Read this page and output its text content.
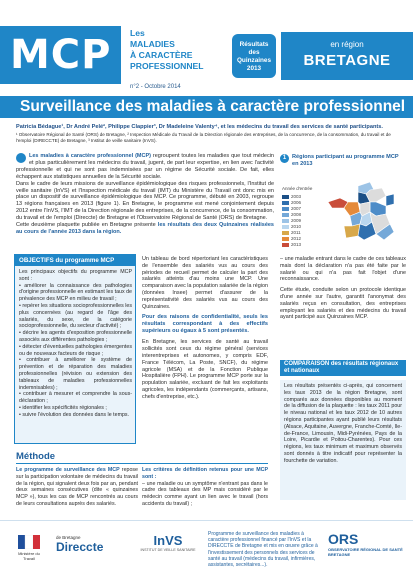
MCP Les
MALADIES
À CARACTÈRE
PROFESSIONNEL
n°2 - Octobre 2014
Résultats
des
Quinzaines
2013
en région
BRETAGNE
Surveillance des maladies à caractère professionnel
Patricia Bédague¹, Dr André Pelé², Philippe Clappier³, Dr Madeleine Valenty⁴, et les médecins du travail des services de santé participants.
¹ Observatoire Régional de Santé (ORS) de Bretagne, ² Inspection Médicale du Travail de la Direction régionale des entreprises, de la concurrence, de la consommation, du travail et de l'emploi (DIRECCTE) de Bretagne, ³ Institut de veille sanitaire (InVS).
Les maladies à caractère professionnel (MCP) regroupent toutes les maladies que tout médecin et plus particulièrement les médecins du travail, jugent, de part leur expertise, en lien avec l'activité professionnelle et qui ne sont pas indemnisées par un régime de Sécurité sociale. De fait, elles échappent aux statistiques annuelles de la Sécurité sociale.
Dans le cadre de leurs missions de surveillance épidémiologique des risques professionnels, l'Institut de veille sanitaire (InVS) et l'Inspection médicale du travail (IMT) du Ministère du Travail ont donc mis en place un dispositif de surveillance épidémiologique des MCP. Ce programme, débuté en 2003, regroupe 13 régions françaises en 2013 (figure 1). En Bretagne, le programme est mené conjointement depuis 2012 entre l'InVS, l'IMT de la Direction régionale des entreprises, de la concurrence, de la consommation, du travail et de l'emploi (Direccte) de Bretagne et l'Observatoire Régional de Santé (ORS) de Bretagne.
Cette deuxième plaquette publiée en Bretagne présente les résultats des deux Quinzaines réalisées au cours de l'année 2013 dans la région.
1	Régions participant au programme MCP en 2013
Année d'entrée
2003
2006
2007
2008
2009
2010
2011
2012
2013
OBJECTIFS du programme MCP
Les principaux objectifs du programme MCP sont :
• améliorer la connaissance des pathologies d'origine professionnelle en estimant les taux de prévalence des MCP en milieu de travail ;
• repérer les situations socioprofessionnelles les plus concernées (au regard de l'âge des salariés, du sexe, de la catégorie socioprofessionnelle, du secteur d'activité) ;
• décrire les agents d'exposition professionnelle associés aux différentes pathologies ;
• détecter d'éventuelles pathologies émergentes ou de nouveaux facteurs de risque ;
• contribuer à améliorer le système de prévention et de réparation des maladies professionnelles (révision ou extension des tableaux de maladies professionnelles indemnisables) ;
• contribuer à mesurer et comprendre la sous-déclaration ;
• identifier les spécificités régionales ;
• suivre l'évolution des données dans le temps.

Un tableau de bord répertoriant les caractéristiques de l'ensemble des salariés vus au cours des périodes de recueil permet de calculer la part des salariés atteints d'au moins une MCP. Une comparaison avec la population salariée de la région (données Insee) permet d'assurer de la représentativité des salariés vus au cours des Quinzaines.

Pour des raisons de confidentialité, seuls les résultats correspondant à des effectifs supérieurs ou égaux à 5 sont présentés.

En Bretagne, les services de santé au travail sollicités sont ceux du régime général (services interentreprises et autonomes, y compris EDF, France Télécom, La Poste, SNCF), du régime agricole (MSA) et de la Fonction Publique Hospitalière (FPH). Le programme MCP porte sur la population salariée, excluant de fait les exploitants agricoles, les indépendants (commerçants, artisans, chefs d'entreprise, etc.).

– une maladie entrant dans le cadre de ces tableaux mais dont la déclaration n'a pas été faite par le salarié ou qui n'a pas fait l'objet d'une reconnaissance.

Cette étude, conduite selon un protocole identique d'une année sur l'autre, garantit l'anonymat des salariés reçus en consultation, des entreprises employant les salariés et des médecins du travail ayant participé aux Quinzaines MCP.

COMPARAISON des résultats régionaux et nationaux
Les résultats présentés ci-après, qui concernent les taux 2013 de la région Bretagne, sont comparés aux données disponibles au moment de la diffusion de la plaquette : les taux 2011 pour le niveau national et les taux 2012 de 10 autres régions participantes ayant publié leurs résultats (Alsace, Aquitaine, Auvergne, Franche-Comté, Ile-de-France, Limousin, Midi-Pyrénées, Pays de la Loire, Picardie et Poitou-Charentes). Pour ces régions, les taux minimum et maximum observés sont donnés à titre indicatif pour représenter la fourchette de variation.
Méthode
Le programme de surveillance des MCP repose sur la participation volontaire de médecins du travail de la région, qui signalent deux fois par an, pendant deux semaines consécutives (dite « quinzaines MCP »), tous les cas de MCP rencontrés au cours de leurs consultations auprès des salariés.
Les critères de définition retenus pour une MCP sont :
– une maladie ou un symptôme n'entrant pas dans le cadre des tableaux des MP mais considéré par le médecin comme ayant un lien avec le travail (hors accidents du travail) ;
Ministère du Travail
de Bretagne
Direccte	InVS
INSTITUT DE VEILLE SANITAIRE
Programme de surveillance des maladies à caractère professionnel financé par l'InVS et la DIRECCTE de Bretagne et mis en œuvre grâce à l'investissement des personnels des services de santé au travail (médecins du travail, infirmières, assistantes, secrétaires...).
ORS
OBSERVATOIRE RÉGIONAL DE SANTÉ BRETAGNE
